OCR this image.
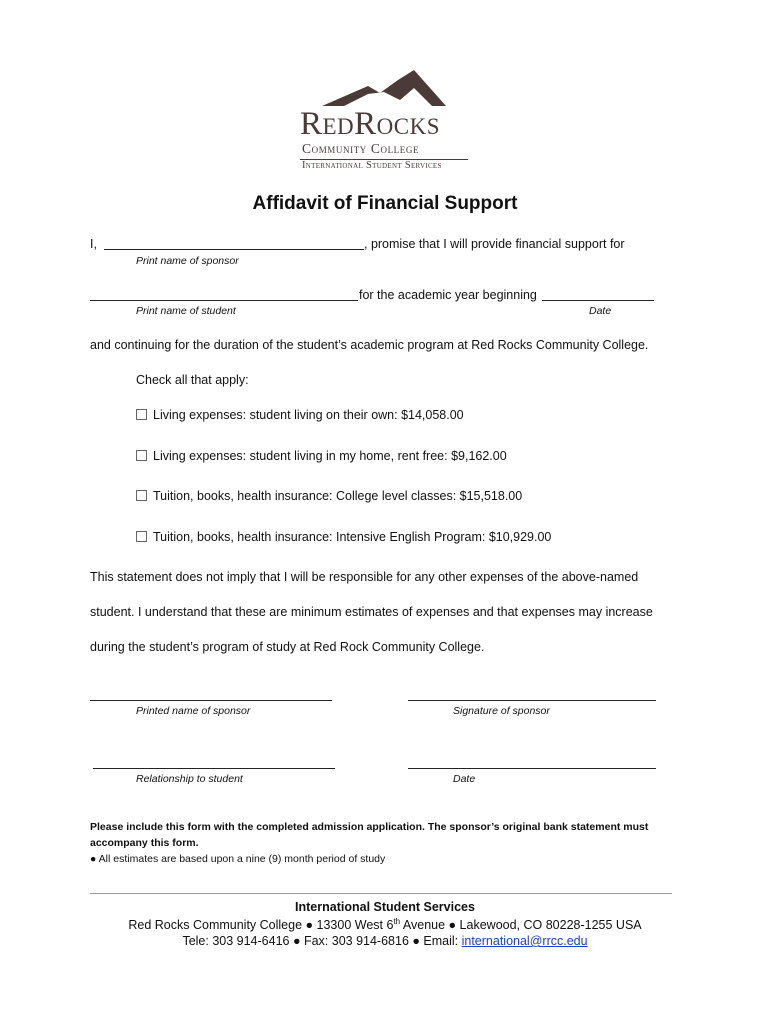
RedRocks
Community College
International Student Services
Affidavit of Financial Support
I,	, promise that I will provide financial support for
Print name of sponsor
for the academic year beginning
Print name of student	Date
and continuing for the duration of the student’s academic program at Red Rocks Community College.
Check all that apply:
Living expenses: student living on their own: $14,058.00
Living expenses: student living in my home, rent free: $9,162.00
Tuition, books, health insurance: College level classes: $15,518.00
Tuition, books, health insurance: Intensive English Program: $10,929.00
This statement does not imply that I will be responsible for any other expenses of the above-named
student. I understand that these are minimum estimates of expenses and that expenses may increase
during the student’s program of study at Red Rock Community College.
Printed name of sponsor	Signature of sponsor
Relationship to student	Date
Please include this form with the completed admission application. The sponsor’s original bank statement must
accompany this form.
● All estimates are based upon a nine (9) month period of study
International Student Services
Red Rocks Community College ● 13300 West 6th Avenue ● Lakewood, CO 80228-1255 USA
Tele: 303 914-6416 ● Fax: 303 914-6816 ● Email: international@rrcc.edu
